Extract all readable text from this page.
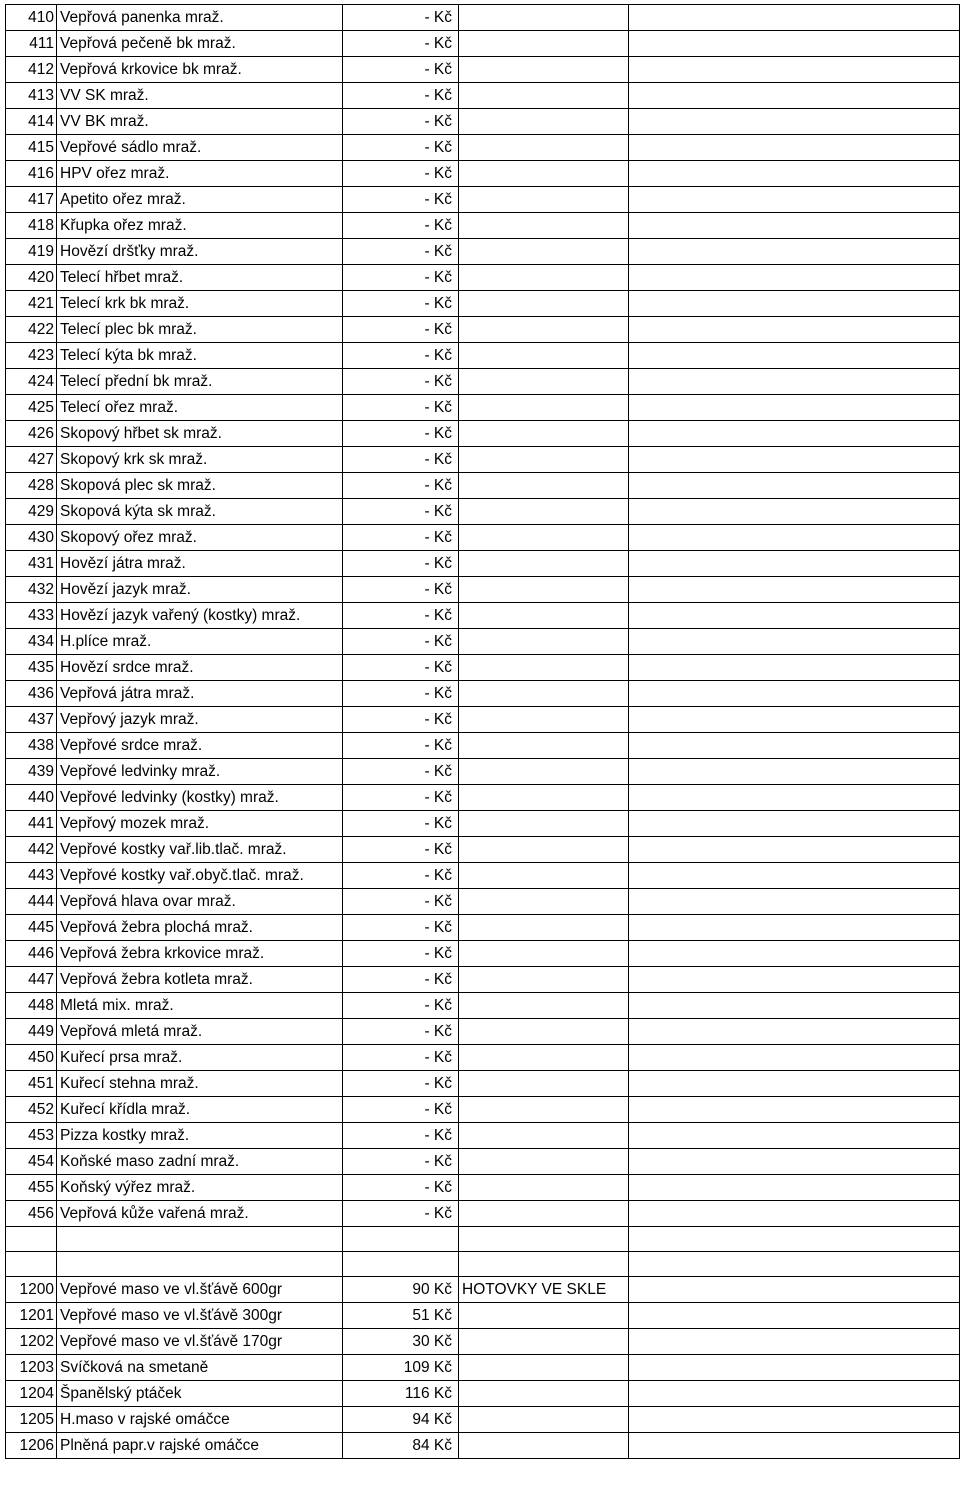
410	Vepřová panenka mraž.	- Kč		
411	Vepřová pečeně bk mraž.	- Kč		
412	Vepřová krkovice bk mraž.	- Kč		
413	VV SK mraž.	- Kč		
414	VV BK mraž.	- Kč		
415	Vepřové sádlo mraž.	- Kč		
416	HPV ořez mraž.	- Kč		
417	Apetito ořez mraž.	- Kč		
418	Křupka ořez mraž.	- Kč		
419	Hovězí dršťky mraž.	- Kč		
420	Telecí hřbet mraž.	- Kč		
421	Telecí krk bk mraž.	- Kč		
422	Telecí plec bk mraž.	- Kč		
423	Telecí kýta bk mraž.	- Kč		
424	Telecí přední bk mraž.	- Kč		
425	Telecí ořez mraž.	- Kč		
426	Skopový hřbet sk mraž.	- Kč		
427	Skopový krk sk mraž.	- Kč		
428	Skopová plec sk mraž.	- Kč		
429	Skopová kýta sk mraž.	- Kč		
430	Skopový ořez mraž.	- Kč		
431	Hovězí játra mraž.	- Kč		
432	Hovězí jazyk mraž.	- Kč		
433	Hovězí jazyk vařený (kostky) mraž.	- Kč		
434	H.plíce mraž.	- Kč		
435	Hovězí srdce mraž.	- Kč		
436	Vepřová játra mraž.	- Kč		
437	Vepřový jazyk mraž.	- Kč		
438	Vepřové srdce mraž.	- Kč		
439	Vepřové ledvinky mraž.	- Kč		
440	Vepřové ledvinky (kostky) mraž.	- Kč		
441	Vepřový mozek mraž.	- Kč		
442	Vepřové kostky vař.lib.tlač. mraž.	- Kč		
443	Vepřové kostky vař.obyč.tlač. mraž.	- Kč		
444	Vepřová hlava ovar mraž.	- Kč		
445	Vepřová žebra plochá mraž.	- Kč		
446	Vepřová žebra krkovice mraž.	- Kč		
447	Vepřová žebra kotleta mraž.	- Kč		
448	Mletá mix. mraž.	- Kč		
449	Vepřová mletá mraž.	- Kč		
450	Kuřecí prsa mraž.	- Kč		
451	Kuřecí stehna mraž.	- Kč		
452	Kuřecí křídla mraž.	- Kč		
453	Pizza kostky mraž.	- Kč		
454	Koňské maso zadní mraž.	- Kč		
455	Koňský výřez mraž.	- Kč		
456	Vepřová kůže vařená mraž.	- Kč		

1200	Vepřové maso ve vl.šťávě 600gr	90 Kč	HOTOVKY VE SKLE	
1201	Vepřové maso ve vl.šťávě 300gr	51 Kč		
1202	Vepřové maso ve vl.šťávě 170gr	30 Kč		
1203	Svíčková na smetaně	109 Kč		
1204	Španělský ptáček	116 Kč		
1205	H.maso v rajské omáčce	94 Kč		
1206	Plněná papr.v rajské omáčce	84 Kč		
